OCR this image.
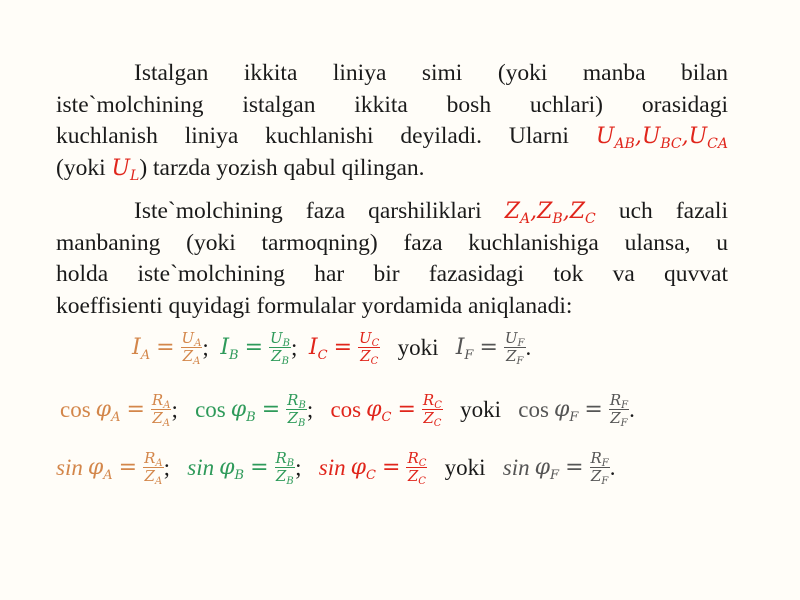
Istalgan ikkita liniya simi (yoki manba bilan
iste`molchining istalgan ikkita bosh uchlari) orasidagi
kuchlanish liniya kuchlanishi deyiladi. Ularni $U_{AB},U_{BC},U_{CA}$
(yoki $U_L$) tarzda yozish qabul qilingan.
Iste`molchining faza qarshiliklari $Z_A,Z_B,Z_C$ uch fazali
manbaning (yoki tarmoqning) faza kuchlanishiga ulansa, u
holda iste`molchining har bir fazasidagi tok va quvvat
koeffisienti quyidagi formulalar yordamida aniqlanadi:
$I_A = \frac{U_A}{Z_A}$ ;
$I_B = \frac{U_B}{Z_B}$ ;
$I_C = \frac{U_C}{Z_C}$
yoki
$I_F = \frac{U_F}{Z_F}$ .
$\cos \varphi_A = \frac{R_A}{Z_A}$ ;
$\cos \varphi_B = \frac{R_B}{Z_B}$ ;
$\cos \varphi_C = \frac{R_C}{Z_C}$
yoki
$\cos \varphi_F = \frac{R_F}{Z_F}$ .
$\sin \varphi_A = \frac{R_A}{Z_A}$ ;
$\sin \varphi_B = \frac{R_B}{Z_B}$ ;
$\sin \varphi_C = \frac{R_C}{Z_C}$
yoki
$\sin \varphi_F = \frac{R_F}{Z_F}$ .
